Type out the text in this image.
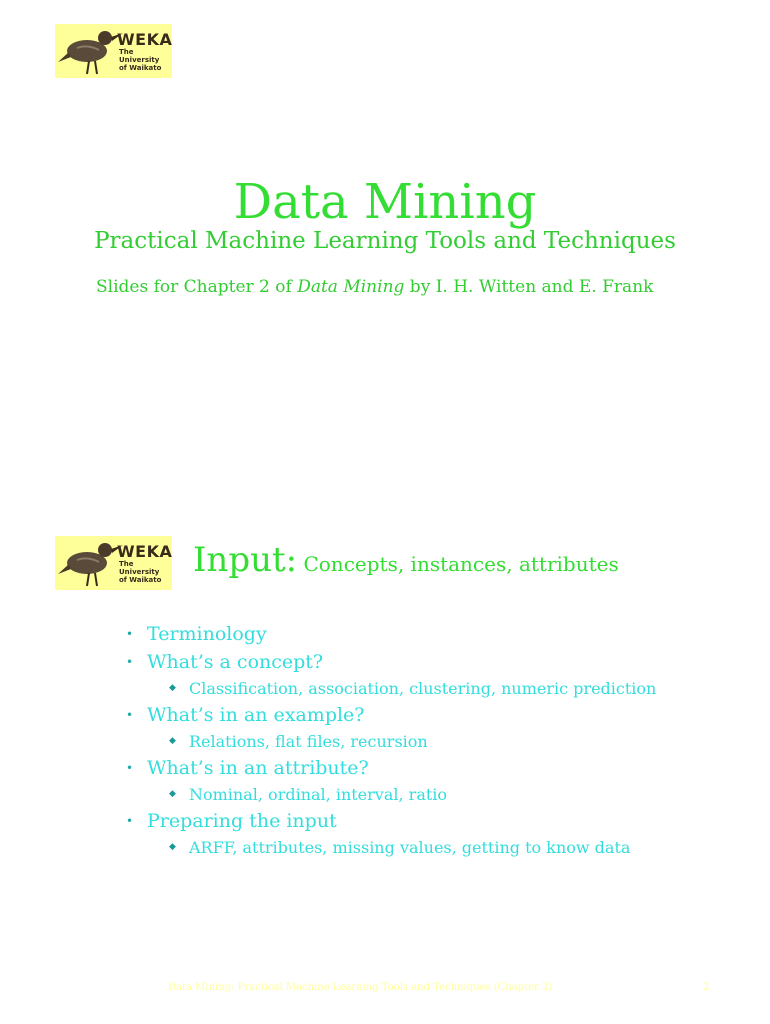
WEKA
The University
of Waikato
Data Mining
Practical Machine Learning Tools and Techniques
Slides for Chapter 2 of Data Mining by I. H. Witten and E. Frank
WEKA
The University
of Waikato Input: Concepts, instances, attributes
• Terminology
• What’s a concept?
◆ Classification, association, clustering, numeric prediction
• What’s in an example?
◆ Relations, flat files, recursion
• What’s in an attribute?
◆ Nominal, ordinal, interval, ratio
• Preparing the input
◆ ARFF, attributes, missing values, getting to know data
Data Mining: Practical Machine Learning Tools and Techniques (Chapter 2)	2
